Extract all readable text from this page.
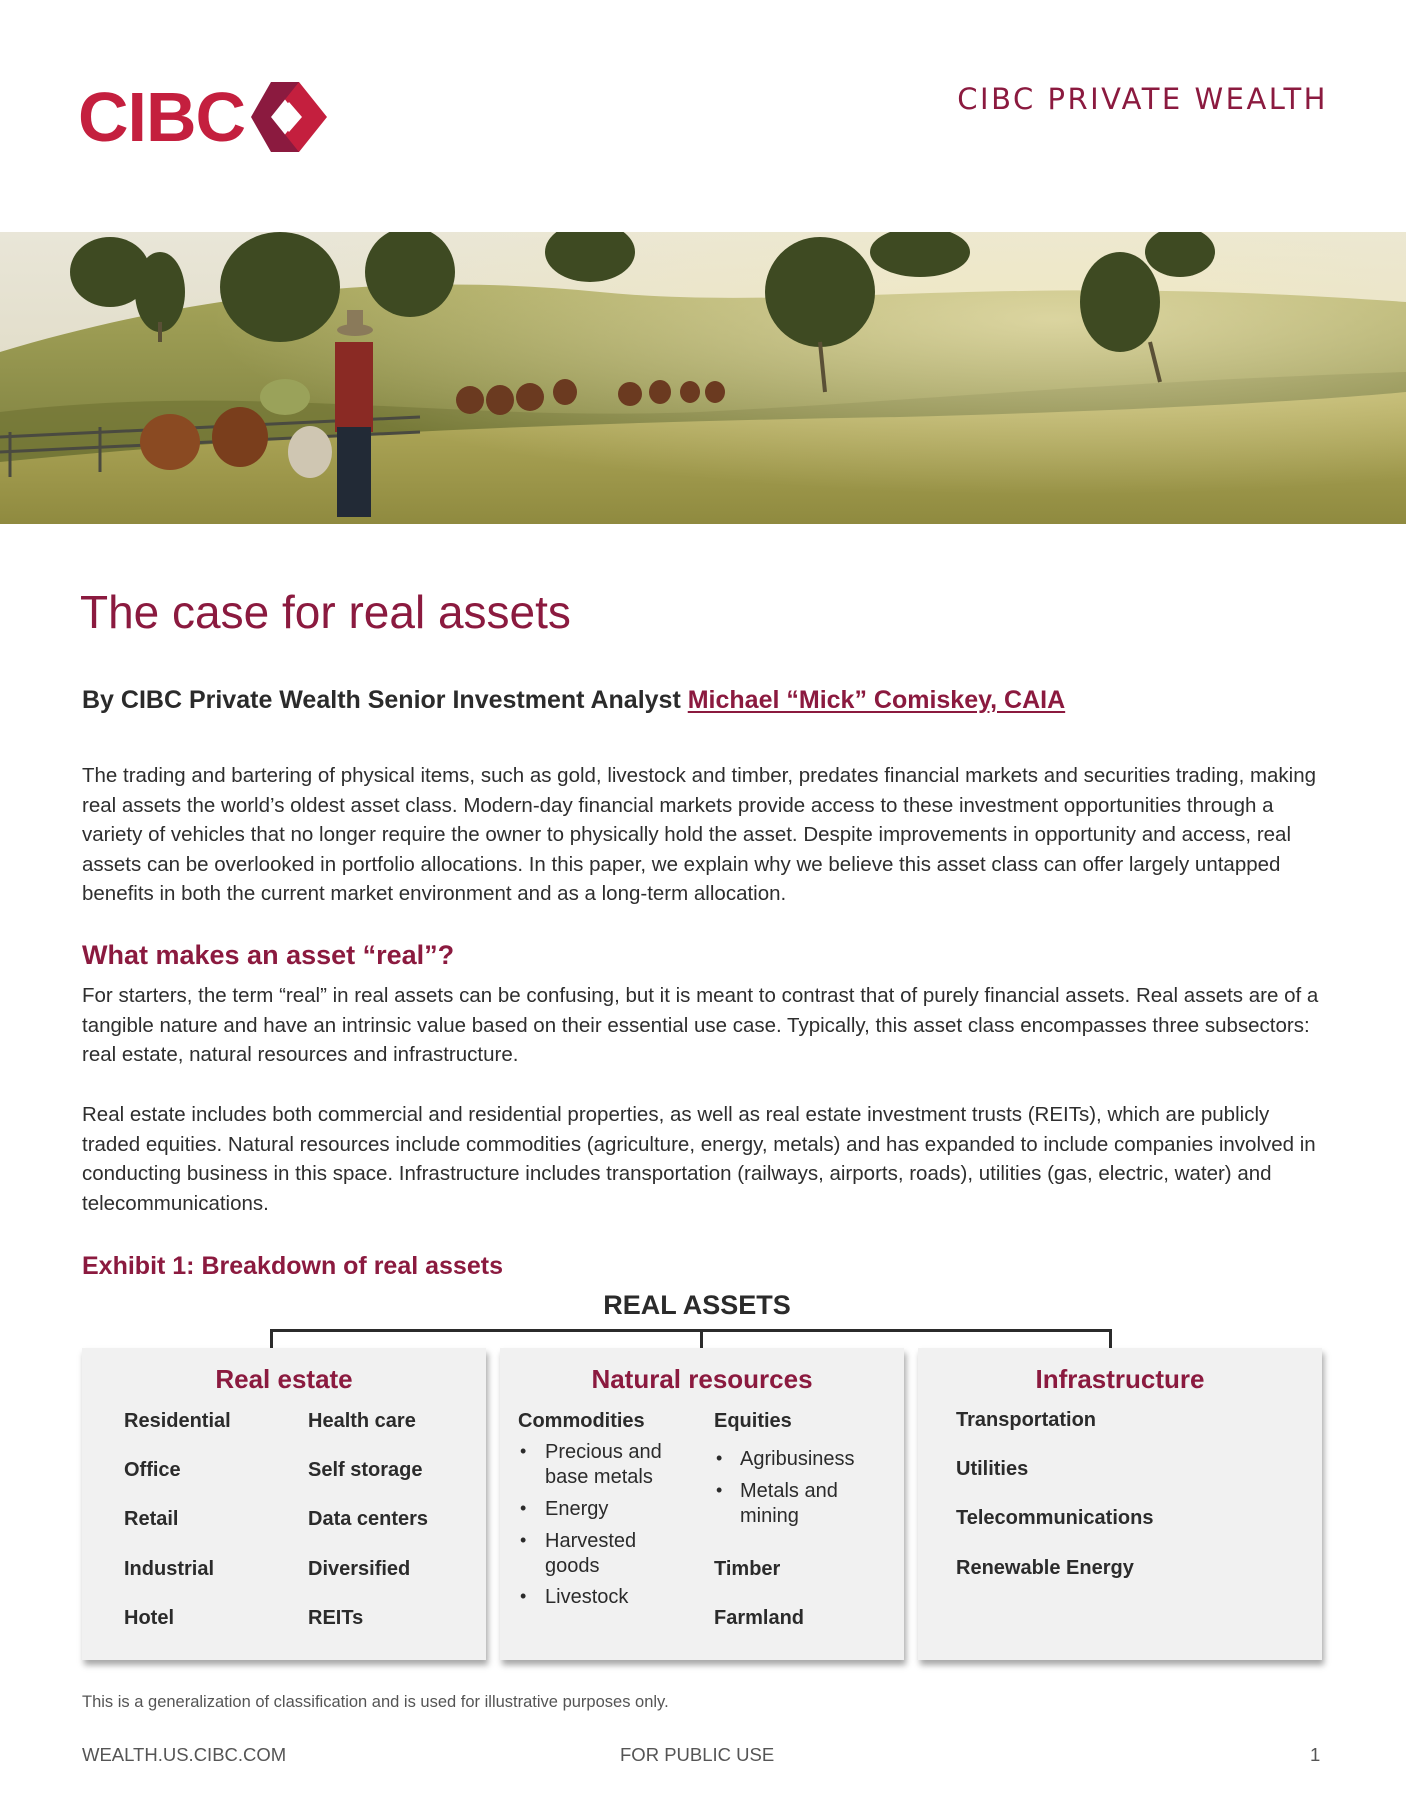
CIBC	CIBC PRIVATE WEALTH
The case for real assets
By CIBC Private Wealth Senior Investment Analyst Michael “Mick” Comiskey, CAIA

The trading and bartering of physical items, such as gold, livestock and timber, predates financial markets and securities trading, making real assets the world’s oldest asset class. Modern-day financial markets provide access to these investment opportunities through a variety of vehicles that no longer require the owner to physically hold the asset. Despite improvements in opportunity and access, real assets can be overlooked in portfolio allocations. In this paper, we explain why we believe this asset class can offer largely untapped benefits in both the current market environment and as a long-term allocation.

What makes an asset “real”?

For starters, the term “real” in real assets can be confusing, but it is meant to contrast that of purely financial assets. Real assets are of a tangible nature and have an intrinsic value based on their essential use case. Typically, this asset class encompasses three subsectors: real estate, natural resources and infrastructure.

Real estate includes both commercial and residential properties, as well as real estate investment trusts (REITs), which are publicly traded equities. Natural resources include commodities (agriculture, energy, metals) and has expanded to include companies involved in conducting business in this space. Infrastructure includes transportation (railways, airports, roads), utilities (gas, electric, water) and telecommunications.

Exhibit 1: Breakdown of real assets
REAL ASSETS
Real estate
Residential
Office
Retail
Industrial
Hotel
Health care
Self storage
Data centers
Diversified
REITs
Natural resources
Commodities
• Precious and
base metals
• Energy
• Harvested
goods
• Livestock
Equities
• Agribusiness
• Metals and
mining
Timber
Farmland
Infrastructure
Transportation
Utilities
Telecommunications
Renewable Energy
This is a generalization of classification and is used for illustrative purposes only.
WEALTH.US.CIBC.COM	FOR PUBLIC USE	1
